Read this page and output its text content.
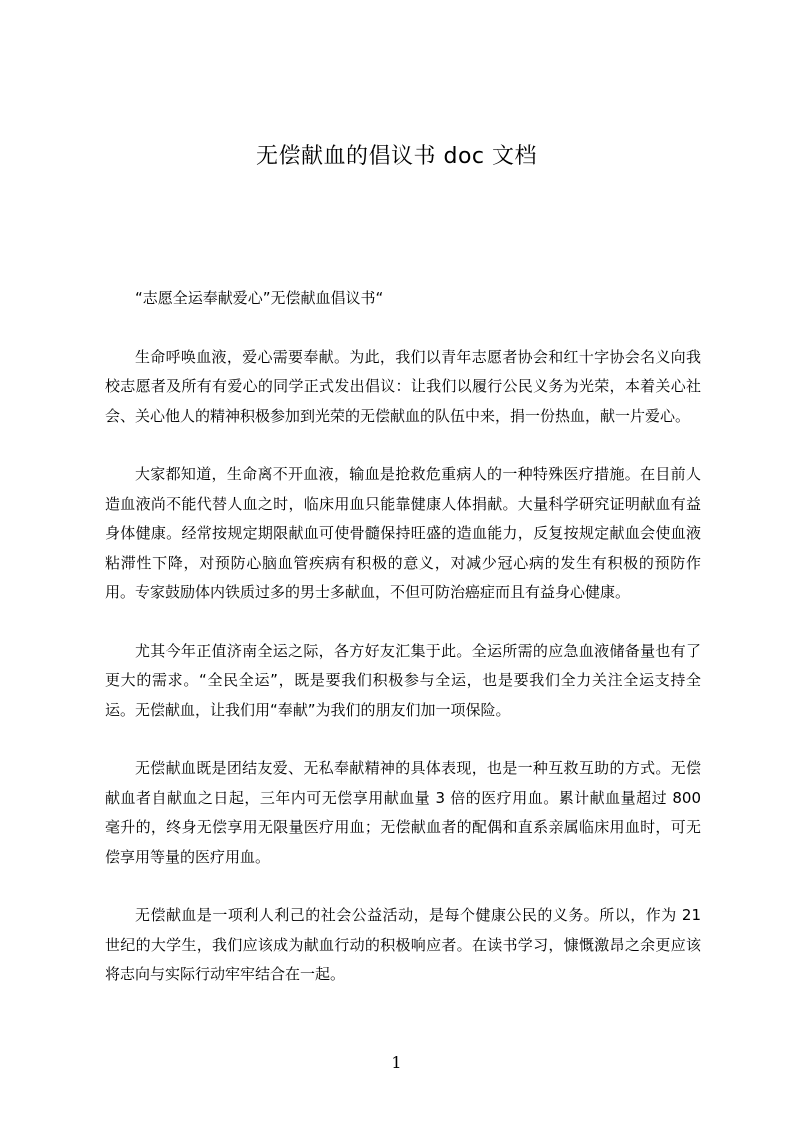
无偿献血的倡议书 doc 文档

“志愿全运奉献爱心”无偿献血倡议书“

生命呼唤血液，爱心需要奉献。为此，我们以青年志愿者协会和红十字协会名义向我校志愿者及所有有爱心的同学正式发出倡议：让我们以履行公民义务为光荣，本着关心社会、关心他人的精神积极参加到光荣的无偿献血的队伍中来，捐一份热血，献一片爱心。

大家都知道，生命离不开血液，输血是抢救危重病人的一种特殊医疗措施。在目前人造血液尚不能代替人血之时，临床用血只能靠健康人体捐献。大量科学研究证明献血有益身体健康。经常按规定期限献血可使骨髓保持旺盛的造血能力，反复按规定献血会使血液粘滞性下降，对预防心脑血管疾病有积极的意义，对减少冠心病的发生有积极的预防作用。专家鼓励体内铁质过多的男士多献血，不但可防治癌症而且有益身心健康。

尤其今年正值济南全运之际，各方好友汇集于此。全运所需的应急血液储备量也有了更大的需求。“全民全运”，既是要我们积极参与全运，也是要我们全力关注全运支持全运。无偿献血，让我们用“奉献”为我们的朋友们加一项保险。

无偿献血既是团结友爱、无私奉献精神的具体表现，也是一种互救互助的方式。无偿献血者自献血之日起，三年内可无偿享用献血量 3 倍的医疗用血。累计献血量超过 800 毫升的，终身无偿享用无限量医疗用血；无偿献血者的配偶和直系亲属临床用血时，可无偿享用等量的医疗用血。

无偿献血是一项利人利己的社会公益活动，是每个健康公民的义务。所以，作为 21 世纪的大学生，我们应该成为献血行动的积极响应者。在读书学习，慷慨激昂之余更应该将志向与实际行动牢牢结合在一起。

1
